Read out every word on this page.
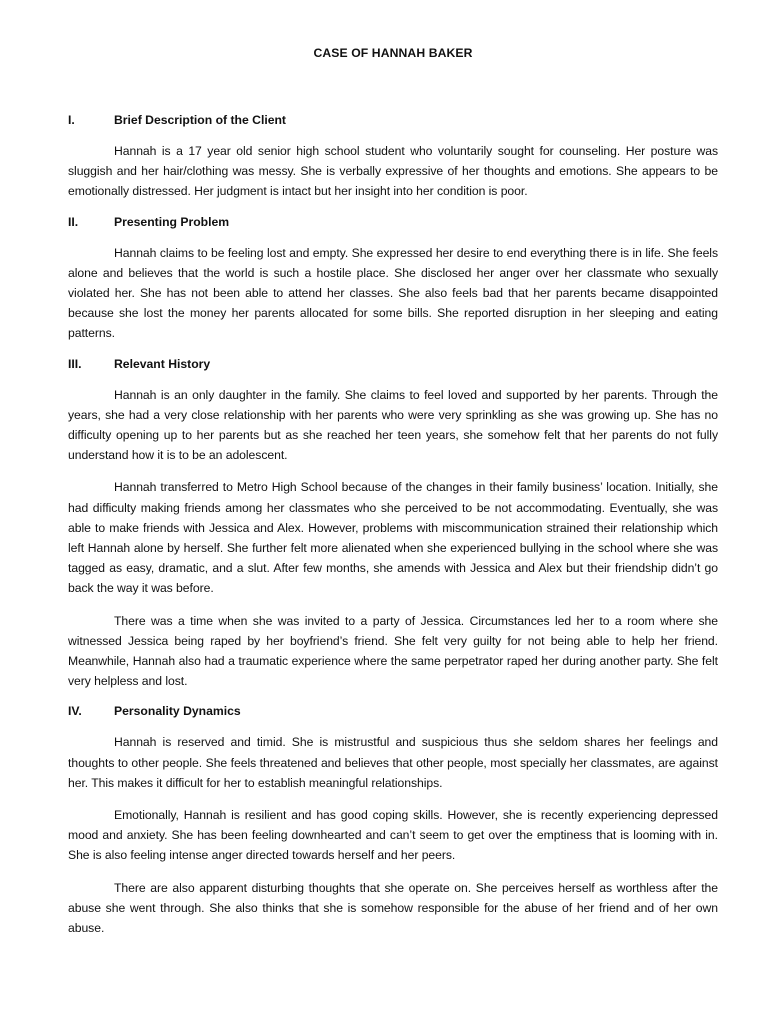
CASE OF HANNAH BAKER
I.	Brief Description of the Client

Hannah is a 17 year old senior high school student who voluntarily sought for counseling. Her posture was sluggish and her hair/clothing was messy. She is verbally expressive of her thoughts and emotions. She appears to be emotionally distressed. Her judgment is intact but her insight into her condition is poor.

II.	Presenting Problem

Hannah claims to be feeling lost and empty. She expressed her desire to end everything there is in life. She feels alone and believes that the world is such a hostile place. She disclosed her anger over her classmate who sexually violated her. She has not been able to attend her classes. She also feels bad that her parents became disappointed because she lost the money her parents allocated for some bills. She reported disruption in her sleeping and eating patterns.

III.	Relevant History

Hannah is an only daughter in the family. She claims to feel loved and supported by her parents. Through the years, she had a very close relationship with her parents who were very sprinkling as she was growing up. She has no difficulty opening up to her parents but as she reached her teen years, she somehow felt that her parents do not fully understand how it is to be an adolescent.

Hannah transferred to Metro High School because of the changes in their family business’ location. Initially, she had difficulty making friends among her classmates who she perceived to be not accommodating. Eventually, she was able to make friends with Jessica and Alex. However, problems with miscommunication strained their relationship which left Hannah alone by herself. She further felt more alienated when she experienced bullying in the school where she was tagged as easy, dramatic, and a slut. After few months, she amends with Jessica and Alex but their friendship didn’t go back the way it was before.

There was a time when she was invited to a party of Jessica. Circumstances led her to a room where she witnessed Jessica being raped by her boyfriend’s friend. She felt very guilty for not being able to help her friend. Meanwhile, Hannah also had a traumatic experience where the same perpetrator raped her during another party. She felt very helpless and lost.

IV.	Personality Dynamics

Hannah is reserved and timid. She is mistrustful and suspicious thus she seldom shares her feelings and thoughts to other people. She feels threatened and believes that other people, most specially her classmates, are against her. This makes it difficult for her to establish meaningful relationships.

Emotionally, Hannah is resilient and has good coping skills. However, she is recently experiencing depressed mood and anxiety. She has been feeling downhearted and can’t seem to get over the emptiness that is looming with in. She is also feeling intense anger directed towards herself and her peers.

There are also apparent disturbing thoughts that she operate on. She perceives herself as worthless after the abuse she went through. She also thinks that she is somehow responsible for the abuse of her friend and of her own abuse.
